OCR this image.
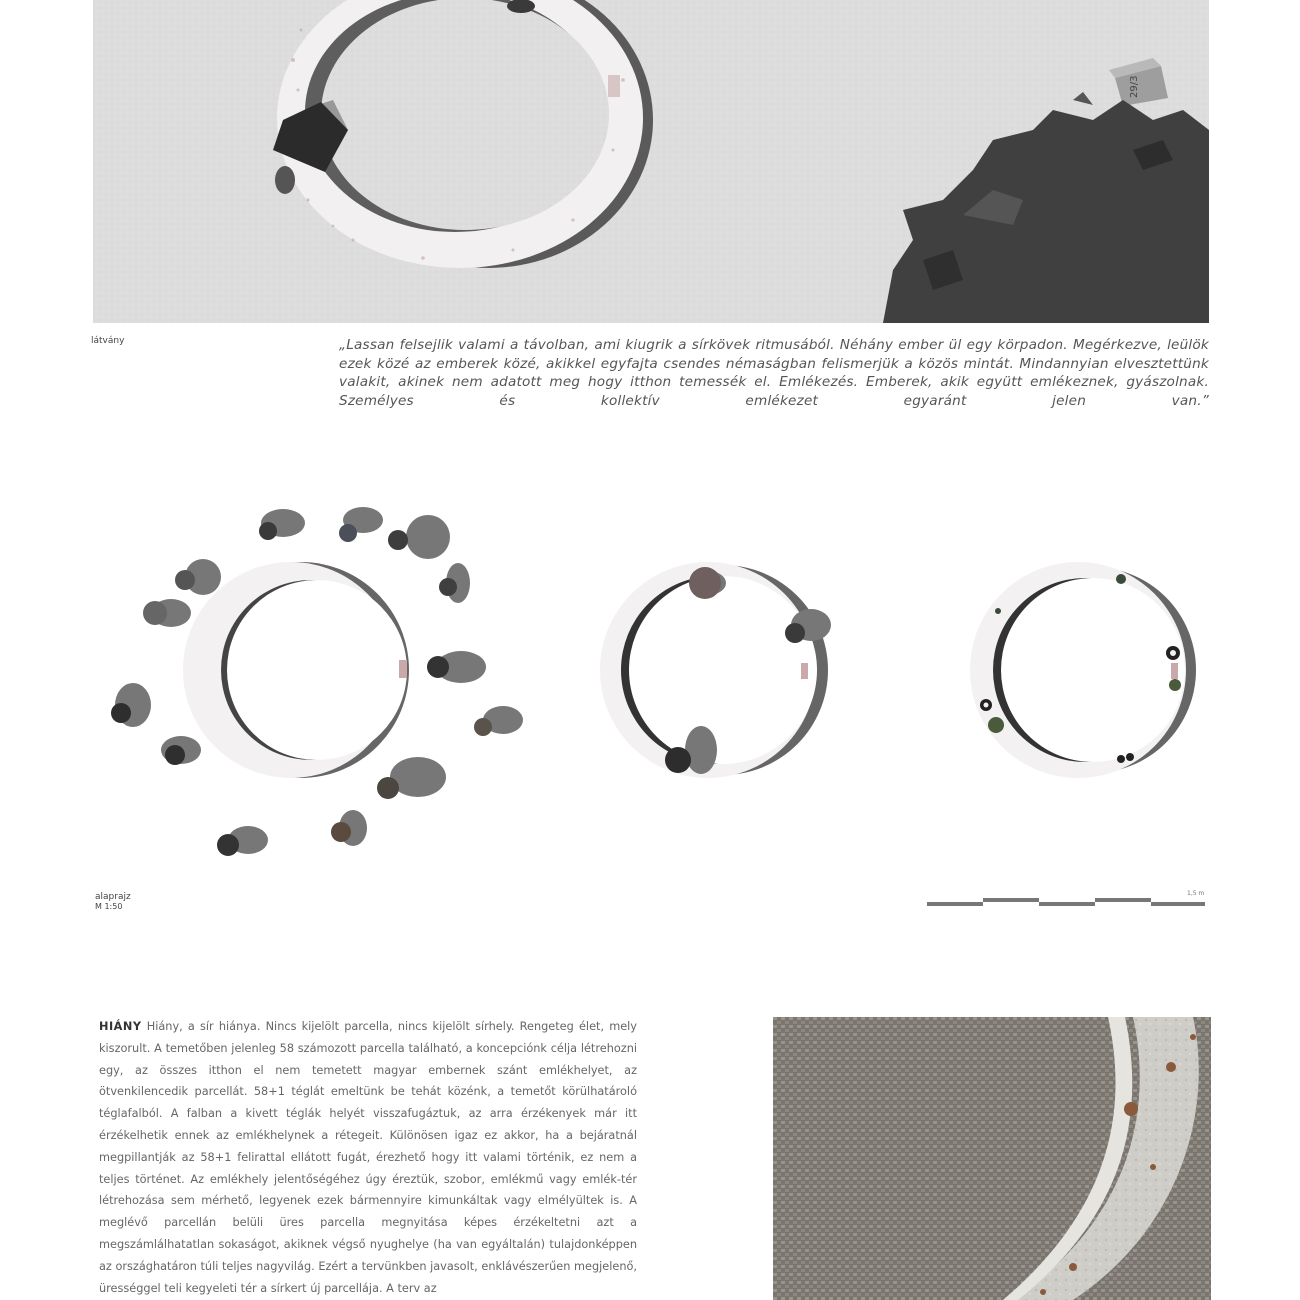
29/3
látvány	„Lassan felsejlik valami a távolban, ami kiugrik a sírkövek ritmusából. Néhány ember ül egy körpadon. Megérkezve, leülök ezek közé az emberek közé, akikkel egyfajta csendes némaságban felismerjük a közös mintát. Mindannyian elvesztettünk valakit, akinek nem adatott meg hogy itthon temessék el. Emlékezés. Emberek, akik együtt emlékeznek, gyászolnak. Személyes és kollektív emlékezet egyaránt jelen van.”
alaprajz
M 1:50
1,5 m
HIÁNY Hiány, a sír hiánya. Nincs kijelölt parcella, nincs kijelölt sírhely. Rengeteg élet, mely kiszorult. A temetőben jelenleg 58 számozott parcella található, a koncepciónk célja létrehozni egy, az összes itthon el nem temetett magyar embernek szánt emlékhelyet, az ötvenkilencedik parcellát. 58+1 téglát emeltünk be tehát közénk, a temetőt körülhatároló téglafalból. A falban a kivett téglák helyét visszafugáztuk, az arra érzékenyek már itt érzékelhetik ennek az emlékhelynek a rétegeit. Különösen igaz ez akkor, ha a bejáratnál megpillantják az 58+1 felirattal ellátott fugát, érezhető hogy itt valami történik, ez nem a teljes történet. Az emlékhely jelentőségéhez úgy éreztük, szobor, emlékmű vagy emlék-tér létrehozása sem mérhető, legyenek ezek bármennyire kimunkáltak vagy elmélyültek is. A meglévő parcellán belüli üres parcella megnyitása képes érzékeltetni azt a megszámlálhatatlan sokaságot, akiknek végső nyughelye (ha van egyáltalán) tulajdonképpen az országhatáron túli teljes nagyvilág. Ezért a tervünkben javasolt, enklávészerűen megjelenő, ürességgel teli kegyeleti tér a sírkert új parcellája. A terv az
